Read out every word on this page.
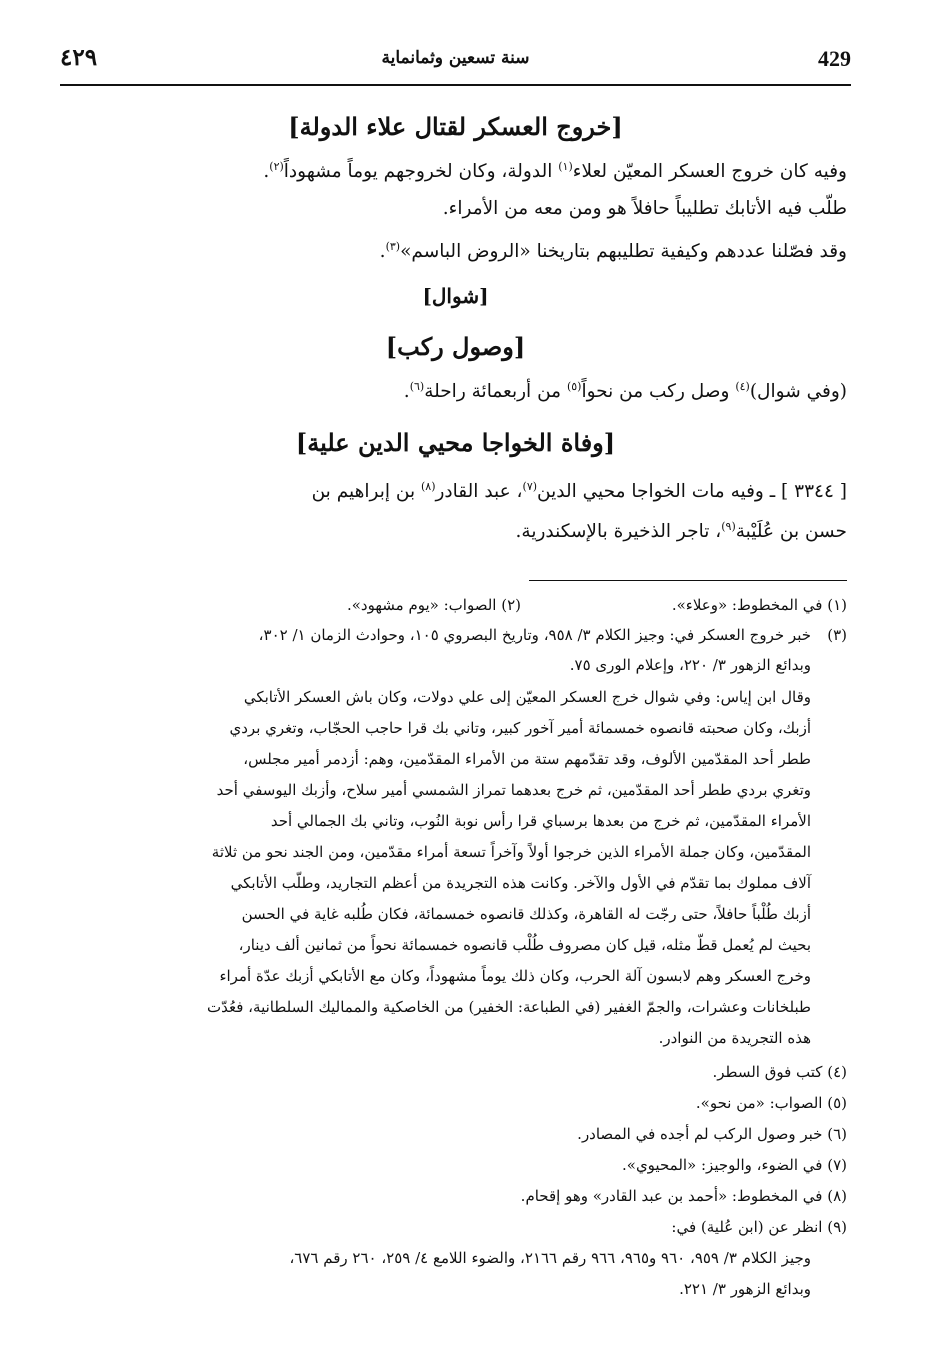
429
سنة تسعين وثمانماية
٤٢٩
[خروج العسكر لقتال علاء الدولة]
وفيه كان خروج العسكر المعيّن لعلاء$^{(١)}$ الدولة، وكان لخروجهم يوماً مشهوداً$^{(٢)}$.
طلّب فيه الأتابك تطليباً حافلاً هو ومن معه من الأمراء.
وقد فصّلنا عددهم وكيفية تطليبهم بتاريخنا «الروض الباسم»$^{(٣)}$.
[شوال]
[وصول ركب]
(وفي شوال)$^{(٤)}$ وصل ركب من نحواً$^{(٥)}$ من أربعمائة راحلة$^{(٦)}$.
[وفاة الخواجا محيي الدين علية]
[ ٣٣٤٤ ] ـ وفيه مات الخواجا محيي الدين$^{(٧)}$، عبد القادر$^{(٨)}$ بن إبراهيم بن
حسن بن عُلَيْبة$^{(٩)}$، تاجر الذخيرة بالإسكندرية.
(١) في المخطوط: «وعلاء».
(٢) الصواب: «يوم مشهود».
(٣)
خبر خروج العسكر في: وجيز الكلام ٣/ ٩٥٨، وتاريخ البصروي ١٠٥، وحوادث الزمان ١/ ٣٠٢،
وبدائع الزهور ٣/ ٢٢٠، وإعلام الورى ٧٥.
وقال ابن إياس: وفي شوال خرج العسكر المعيّن إلى علي دولات، وكان باش العسكر الأتابكي
أزبك، وكان صحبته قانصوه خمسمائة أمير آخور كبير، وتاني بك قرا حاجب الحجّاب، وتغري بردي
ططر أحد المقدّمين الألوف، وقد تقدّمهم ستة من الأمراء المقدّمين، وهم: أزدمر أمير مجلس،
وتغري بردي ططر أحد المقدّمين، ثم خرج بعدهما تمراز الشمسي أمير سلاح، وأزبك اليوسفي أحد
الأمراء المقدّمين، ثم خرج من بعدها برسباي قرا رأس نوبة النُوب، وتاني بك الجمالي أحد
المقدّمين، وكان جملة الأمراء الذين خرجوا أولاً وآخراً تسعة أمراء مقدّمين، ومن الجند نحو من ثلاثة
آلاف مملوك بما تقدّم في الأول والآخر. وكانت هذه التجريدة من أعظم التجاريد، وطلّب الأتابكي
أزبك طُلْباً حافلاً، حتى رجّت له القاهرة، وكذلك قانصوه خمسمائة، فكان طُلبه غاية في الحسن
بحيث لم يُعمل قطّ مثله، قيل كان مصروف طُلْب قانصوه خمسمائة نحواً من ثمانين ألف دينار،
وخرج العسكر وهم لابسون آلة الحرب، وكان ذلك يوماً مشهوداً، وكان مع الأتابكي أزبك عدّة أمراء
طبلخانات وعشرات، والجمّ الغفير (في الطباعة: الخفير) من الخاصكية والمماليك السلطانية، فعُدّت
هذه التجريدة من النوادر.
(٤) كتب فوق السطر.
(٥) الصواب: «من نحو».
(٦) خبر وصول الركب لم أجده في المصادر.
(٧) في الضوء، والوجيز: «المحيوي».
(٨) في المخطوط: «أحمد بن عبد القادر» وهو إقحام.
(٩) انظر عن (ابن عُلية) في:
وجيز الكلام ٣/ ٩٥٩، ٩٦٠ و٩٦٥، ٩٦٦ رقم ٢١٦٦، والضوء اللامع ٤/ ٢٥٩، ٢٦٠ رقم ٦٧٦،
وبدائع الزهور ٣/ ٢٢١.
